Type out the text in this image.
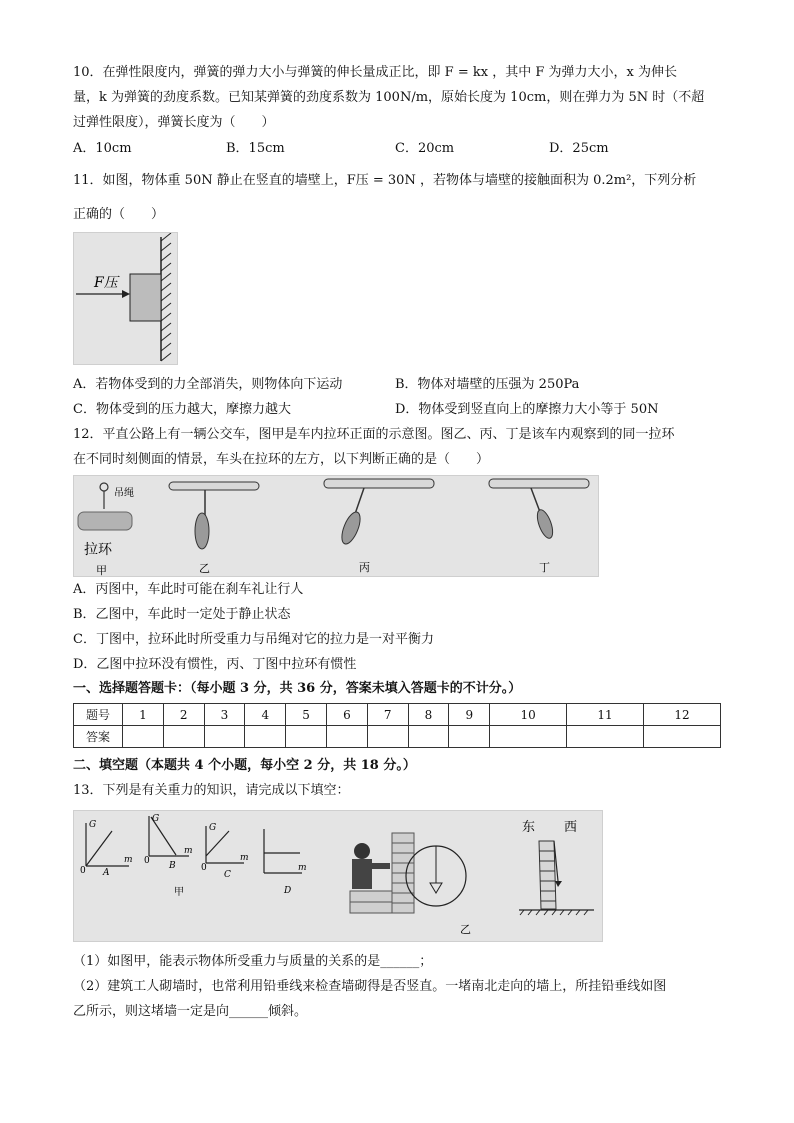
10．在弹性限度内，弹簧的弹力大小与弹簧的伸长量成正比，即 F = kx ，其中 F 为弹力大小，x 为伸长
量，k 为弹簧的劲度系数。已知某弹簧的劲度系数为 100N/m，原始长度为 10cm，则在弹力为 5N 时（不超
过弹性限度），弹簧长度为（　　）
A．10cm	B．15cm	C．20cm	D．25cm
11．如图，物体重 50N 静止在竖直的墙壁上，F压 = 30N ，若物体与墙壁的接触面积为 0.2m²，下列分析
正确的（　　）
F压
A．若物体受到的力全部消失，则物体向下运动	B．物体对墙壁的压强为 250Pa
C．物体受到的压力越大，摩擦力越大	D．物体受到竖直向上的摩擦力大小等于 50N
12．平直公路上有一辆公交车，图甲是车内拉环正面的示意图。图乙、丙、丁是该车内观察到的同一拉环
在不同时刻侧面的情景，车头在拉环的左方，以下判断正确的是（　　）
吊绳
拉环
甲	乙	丙	丁
A．丙图中，车此时可能在刹车礼让行人
B．乙图中，车此时一定处于静止状态
C．丁图中，拉环此时所受重力与吊绳对它的拉力是一对平衡力
D．乙图中拉环没有惯性，丙、丁图中拉环有惯性
一、选择题答题卡：（每小题 3 分，共 36 分，答案未填入答题卡的不计分。）
题号	1	2	3	4	5	6	7	8	9	10	11	12
答案												
二、填空题（本题共 4 个小题，每小空 2 分，共 18 分。）
13．下列是有关重力的知识，请完成以下填空：
G
m
0 A
G
m
0 B
G
m
0
C
m
D
甲
乙
东 西
（1）如图甲，能表示物体所受重力与质量的关系的是______；
（2）建筑工人砌墙时，也常利用铅垂线来检查墙砌得是否竖直。一堵南北走向的墙上，所挂铅垂线如图
乙所示，则这堵墙一定是向______倾斜。
